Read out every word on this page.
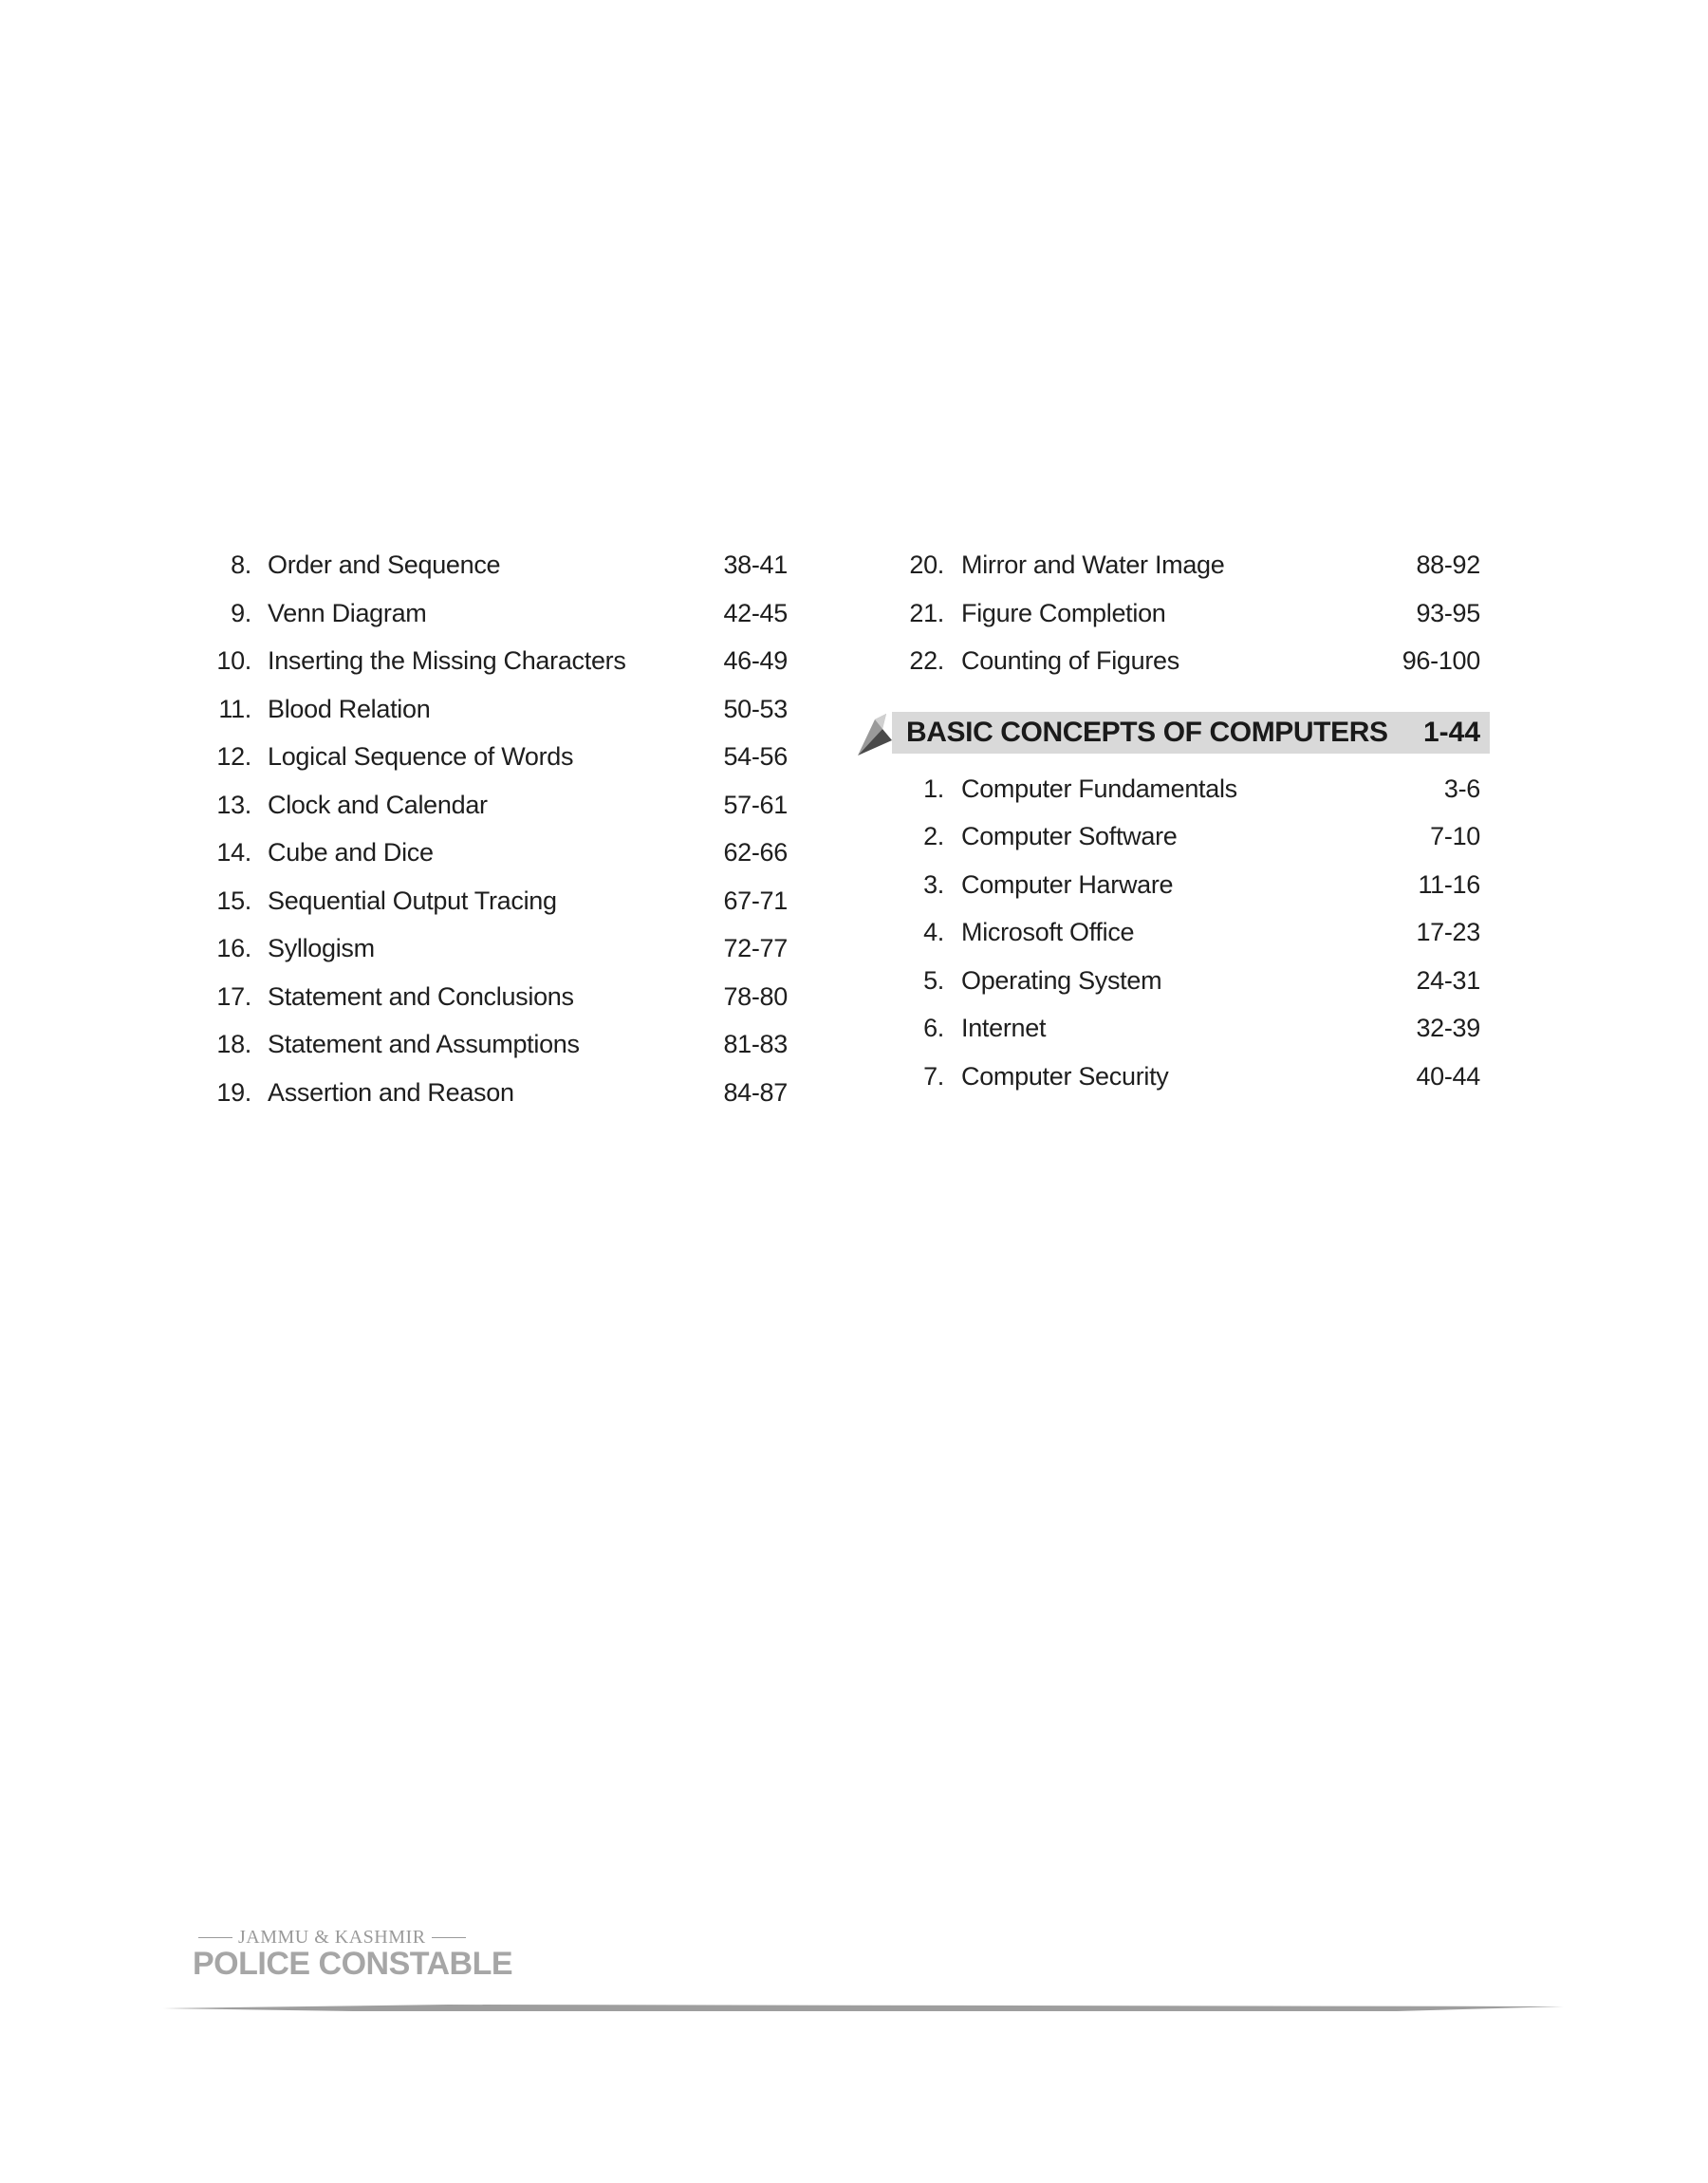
8. Order and Sequence	38-41
9. Venn Diagram	42-45
10. Inserting the Missing Characters	46-49
11. Blood Relation	50-53
12. Logical Sequence of Words	54-56
13. Clock and Calendar	57-61
14. Cube and Dice	62-66
15. Sequential Output Tracing	67-71
16. Syllogism	72-77
17. Statement and Conclusions	78-80
18. Statement and Assumptions	81-83
19. Assertion and Reason	84-87
20. Mirror and Water Image	88-92
21. Figure Completion	93-95
22. Counting of Figures	96-100
BASIC CONCEPTS OF COMPUTERS 1-44
1. Computer Fundamentals	3-6
2. Computer Software	7-10
3. Computer Harware	11-16
4. Microsoft Office	17-23
5. Operating System	24-31
6. Internet	32-39
7. Computer Security	40-44
JAMMU & KASHMIR
POLICE CONSTABLE
